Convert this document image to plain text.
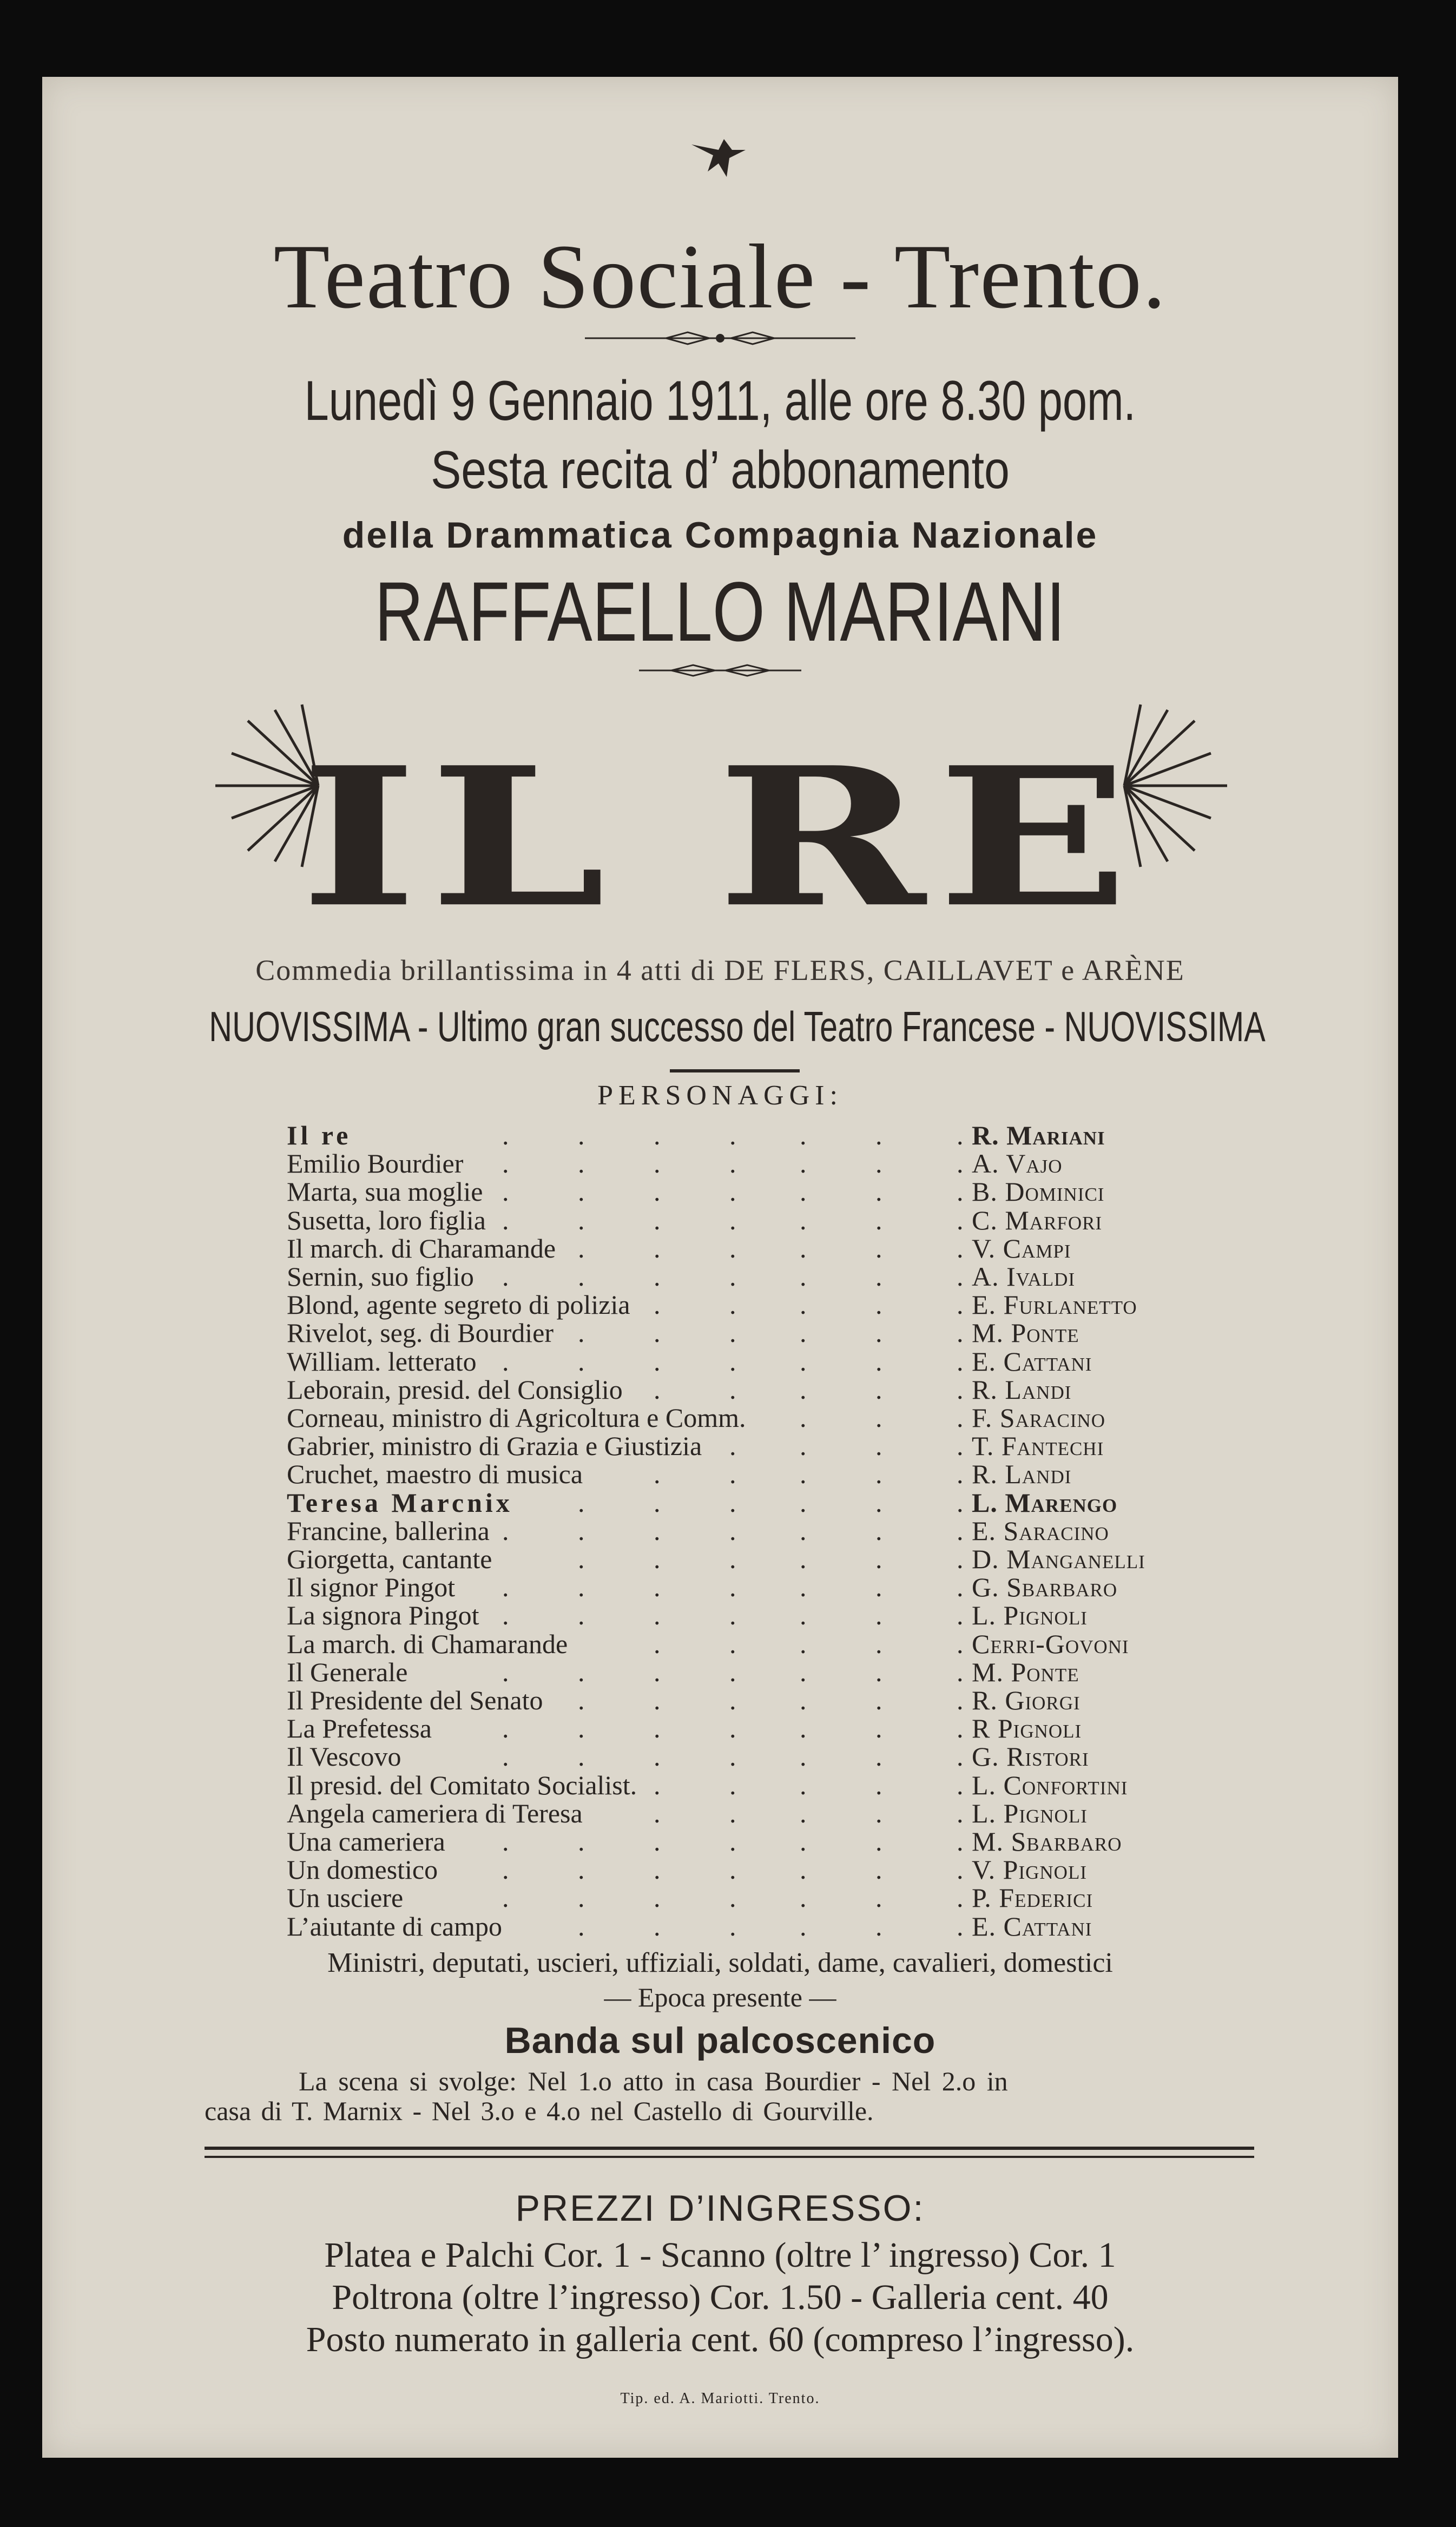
Teatro Sociale - Trento.
Lunedì 9 Gennaio 1911, alle ore 8.30 pom.
Sesta recita d’ abbonamento
della Drammatica Compagnia Nazionale
RAFFAELLO MARIANI
IL RE
Commedia brillantissima in 4 atti di DE FLERS, CAILLAVET e ARÈNE
NUOVISSIMA - Ultimo gran successo del Teatro Francese - NUOVISSIMA
PERSONAGGI:
Il re	.	.	.	. .	.	. R. Mariani
Emilio Bourdier .	.	.	. .	.	. A. Vajo
Marta, sua moglie .	.	.	. .	.	. B. Dominici
Susetta, loro figlia .	.	.	. .	.	. C. Marfori
Il march. di Charamande .	.	. .	.	. V. Campi
Sernin, suo figlio .	.	.	. .	.	. A. Ivaldi
Blond, agente segreto di polizia .	. .	.	. E. Furlanetto
Rivelot, seg. di Bourdier .	.	. .	.	. M. Ponte
William. letterato .	.	.	. .	.	. E. Cattani
Leborain, presid. del Consiglio .	. .	.	. R. Landi
Corneau, ministro di Agricoltura e Comm. .	.	. F. Saracino
Gabrier, ministro di Grazia e Giustizia . .	.	. T. Fantechi
Cruchet, maestro di musica	.	. .	.	. R. Landi
Teresa Marcnix .	.	. .	.	. L. Marengo
Francine, ballerina .	.	.	. .	.	. E. Saracino
Giorgetta, cantante	.	.	. .	.	. D. Manganelli
Il signor Pingot .	.	.	. .	.	. G. Sbarbaro
La signora Pingot .	.	.	. .	.	. L. Pignoli
La march. di Chamarande	.	. .	.	. Cerri-Govoni
Il Generale	.	.	.	. .	.	. M. Ponte
Il Presidente del Senato .	.	. .	.	. R. Giorgi
La Prefetessa	.	.	.	. .	.	. R Pignoli
Il Vescovo	.	.	.	. .	.	. G. Ristori
Il presid. del Comitato Socialist. .	. .	.	. L. Confortini
Angela cameriera di Teresa	.	. .	.	. L. Pignoli
Una cameriera .	.	.	. .	.	. M. Sbarbaro
Un domestico .	.	.	. .	.	. V. Pignoli
Un usciere	.	.	.	. .	.	. P. Federici
L’aiutante di campo	.	.	. .	.	. E. Cattani
Ministri, deputati, uscieri, uffiziali, soldati, dame, cavalieri, domestici
— Epoca presente —
Banda sul palcoscenico
La scena si svolge: Nel 1.o atto in casa Bourdier - Nel 2.o in
casa di T. Marnix - Nel 3.o e 4.o nel Castello di Gourville.
PREZZI D’INGRESSO:
Platea e Palchi Cor. 1 - Scanno (oltre l’ ingresso) Cor. 1
Poltrona (oltre l’ingresso) Cor. 1.50 - Galleria cent. 40
Posto numerato in galleria cent. 60 (compreso l’ingresso).
Tip. ed. A. Mariotti. Trento.
